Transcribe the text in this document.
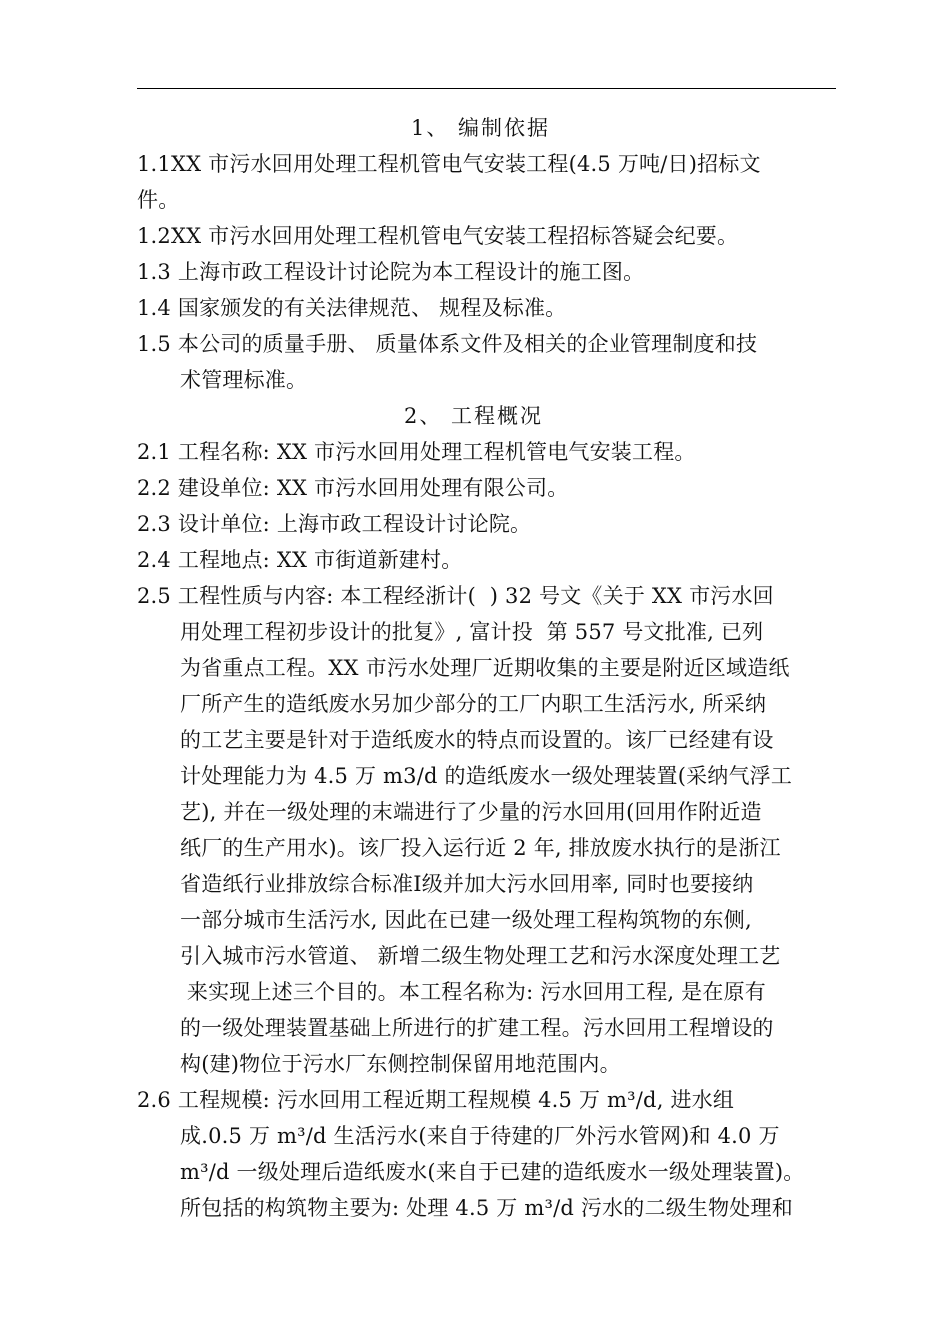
1、 编制依据

1.1XX 市污水回用处理工程机管电气安装工程(4.5 万吨/日)招标文

件。

1.2XX 市污水回用处理工程机管电气安装工程招标答疑会纪要。

1.3 上海市政工程设计讨论院为本工程设计的施工图。

1.4 国家颁发的有关法律规范、 规程及标准。

1.5 本公司的质量手册、 质量体系文件及相关的企业管理制度和技

术管理标准。

2、 工程概况

2.1 工程名称: XX 市污水回用处理工程机管电气安装工程。

2.2 建设单位: XX 市污水回用处理有限公司。

2.3 设计单位: 上海市政工程设计讨论院。

2.4 工程地点: XX 市街道新建村。

2.5 工程性质与内容: 本工程经浙计(  ) 32 号文《关于 XX 市污水回

用处理工程初步设计的批复》, 富计投  第 557 号文批准, 已列

为省重点工程。XX 市污水处理厂近期收集的主要是附近区域造纸

厂所产生的造纸废水另加少部分的工厂内职工生活污水, 所采纳

的工艺主要是针对于造纸废水的特点而设置的。该厂已经建有设

计处理能力为 4.5 万 m3/d 的造纸废水一级处理装置(采纳气浮工

艺), 并在一级处理的末端进行了少量的污水回用(回用作附近造

纸厂的生产用水)。该厂投入运行近 2 年, 排放废水执行的是浙江

省造纸行业排放综合标准Ⅰ级并加大污水回用率, 同时也要接纳

一部分城市生活污水, 因此在已建一级处理工程构筑物的东侧,

引入城市污水管道、 新增二级生物处理工艺和污水深度处理工艺

来实现上述三个目的。本工程名称为: 污水回用工程, 是在原有

的一级处理装置基础上所进行的扩建工程。污水回用工程增设的

构(建)物位于污水厂东侧控制保留用地范围内。

2.6 工程规模: 污水回用工程近期工程规模 4.5 万 m³/d, 进水组

成.0.5 万 m³/d 生活污水(来自于待建的厂外污水管网)和 4.0 万

m³/d 一级处理后造纸废水(来自于已建的造纸废水一级处理装置)。

所包括的构筑物主要为: 处理 4.5 万 m³/d 污水的二级生物处理和
